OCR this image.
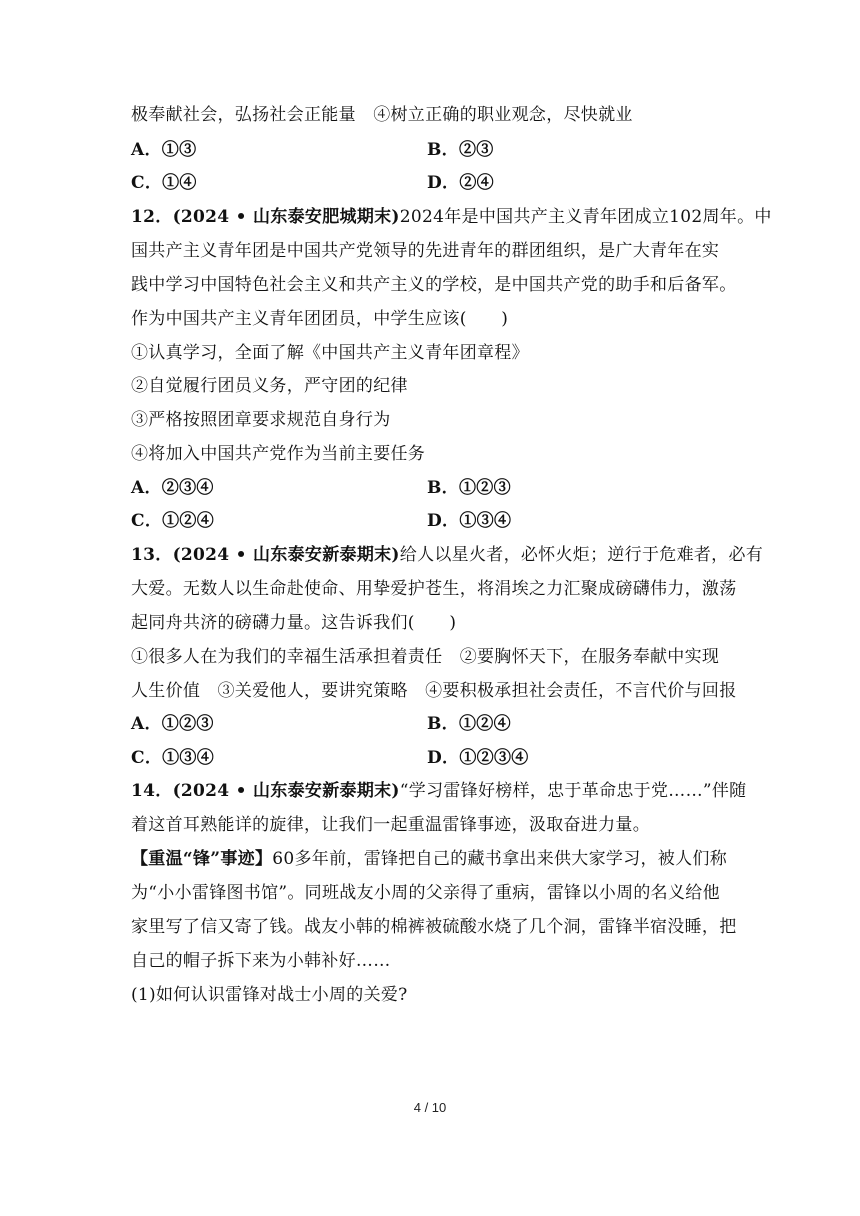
极奉献社会，弘扬社会正能量　④树立正确的职业观念，尽快就业
A．①③	B．②③
C．①④	D．②④
12．(2024 • 山东泰安肥城期末)2024年是中国共产主义青年团成立102周年。中
国共产主义青年团是中国共产党领导的先进青年的群团组织，是广大青年在实
践中学习中国特色社会主义和共产主义的学校，是中国共产党的助手和后备军。
作为中国共产主义青年团团员，中学生应该(　　)
①认真学习，全面了解《中国共产主义青年团章程》
②自觉履行团员义务，严守团的纪律
③严格按照团章要求规范自身行为
④将加入中国共产党作为当前主要任务
A．②③④	B．①②③
C．①②④	D．①③④
13．(2024 • 山东泰安新泰期末)给人以星火者，必怀火炬；逆行于危难者，必有
大爱。无数人以生命赴使命、用挚爱护苍生，将涓埃之力汇聚成磅礴伟力，激荡
起同舟共济的磅礴力量。这告诉我们(　　)
①很多人在为我们的幸福生活承担着责任　②要胸怀天下，在服务奉献中实现
人生价值　③关爱他人，要讲究策略　④要积极承担社会责任，不言代价与回报
A．①②③	B．①②④
C．①③④	D．①②③④
14．(2024 • 山东泰安新泰期末)“学习雷锋好榜样，忠于革命忠于党……”伴随
着这首耳熟能详的旋律，让我们一起重温雷锋事迹，汲取奋进力量。
【重温“锋”事迹】60多年前，雷锋把自己的藏书拿出来供大家学习，被人们称
为“小小雷锋图书馆”。同班战友小周的父亲得了重病，雷锋以小周的名义给他
家里写了信又寄了钱。战友小韩的棉裤被硫酸水烧了几个洞，雷锋半宿没睡，把
自己的帽子拆下来为小韩补好……
(1)如何认识雷锋对战士小周的关爱?
4 / 10
